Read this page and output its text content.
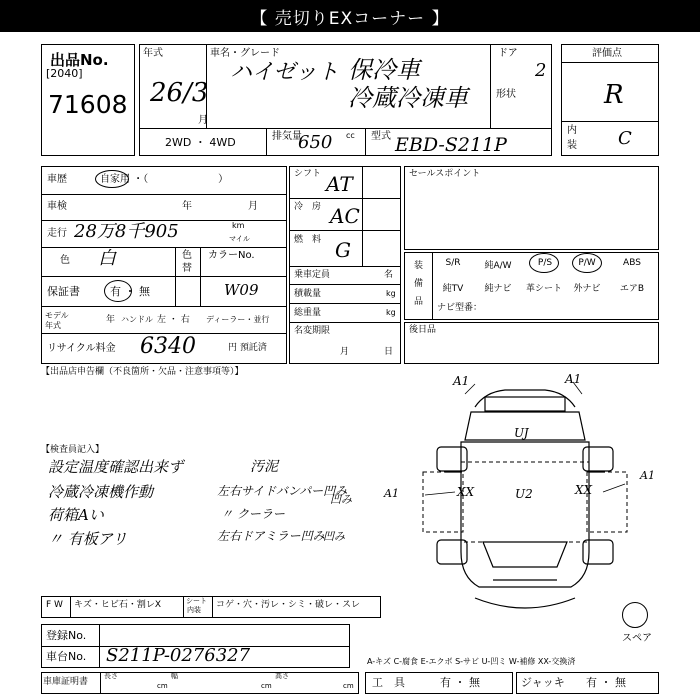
【 売切りEXコーナー 】
出品No.
[2040]
71608
年式
26/3
月
車名・グレード
ハイゼット 保冷車
冷蔵冷凍車
ドア
2
形状
2WD ・ 4WD	排気量
650 cc 型式 EBD-S211P
評価点
R
内
装 C
車歴	自家用 ・（　　　　　　　）
車検	年	月
走行 28万8千905	km
マイル
色 白	色
替
カラーNo.
W09
保証書	有 ・ 無
モデル
年式
年 ハンドル 左 ・ 右 ディーラー・並行
リサイクル料金 6340	円 預託済
シフト AT
冷　房 AC
燃　料 G
乗車定員	名
積載量	kg
総重量	kg
名変期限
月	日
セールスポイント
装
備
品
S/R	純A/W	P/S	P/W	ABS
純TV	純ナビ	革シート	外ナビ	エアB
ナビ型番：
後日品
【出品店申告欄（不良箇所・欠品・注意事項等）】
【検査員記入】
設定温度確認出来ず
冷蔵冷凍機作動
荷箱Aい
〃 有板アリ
汚泥
左右サイドバンパー凹み
〃 クーラー
左右ドアミラー凹み
凹み
凹み
A1	A1
UJ
A1
A1
XX	U2	XX
スペア
F W キズ・ヒビ石・割レX	シート
内装 コゲ・穴・汚レ・シミ・破レ・スレ
登録No.
車台No. S211P-0276327	A-キズ C-腐食 E-エクボ S-サビ U-凹ミ W-補修 XX-交換済
車庫証明書
長さ
cm
幅
cm
高さ
cm 工　具	有 ・ 無	ジャッキ 有 ・ 無
